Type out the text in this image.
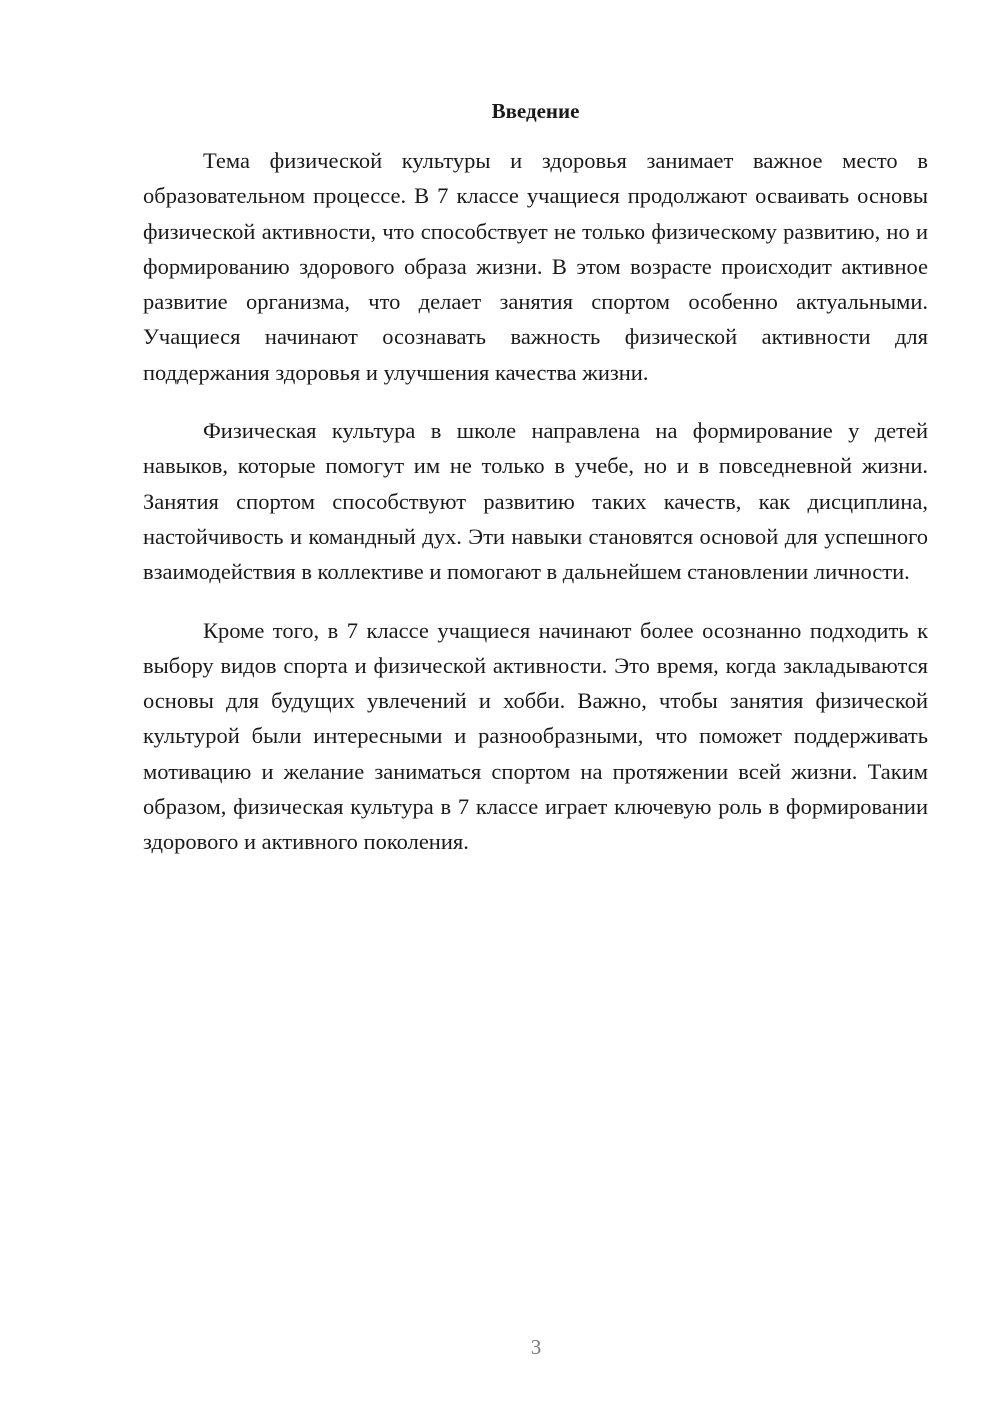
Введение

Тема физической культуры и здоровья занимает важное место в образовательном процессе. В 7 классе учащиеся продолжают осваивать основы физической активности, что способствует не только физическому развитию, но и формированию здорового образа жизни. В этом возрасте происходит активное развитие организма, что делает занятия спортом особенно актуальными. Учащиеся начинают осознавать важность физической активности для поддержания здоровья и улучшения качества жизни.

Физическая культура в школе направлена на формирование у детей навыков, которые помогут им не только в учебе, но и в повседневной жизни. Занятия спортом способствуют развитию таких качеств, как дисциплина, настойчивость и командный дух. Эти навыки становятся основой для успешного взаимодействия в коллективе и помогают в дальнейшем становлении личности.

Кроме того, в 7 классе учащиеся начинают более осознанно подходить к выбору видов спорта и физической активности. Это время, когда закладываются основы для будущих увлечений и хобби. Важно, чтобы занятия физической культурой были интересными и разнообразными, что поможет поддерживать мотивацию и желание заниматься спортом на протяжении всей жизни. Таким образом, физическая культура в 7 классе играет ключевую роль в формировании здорового и активного поколения.

3
